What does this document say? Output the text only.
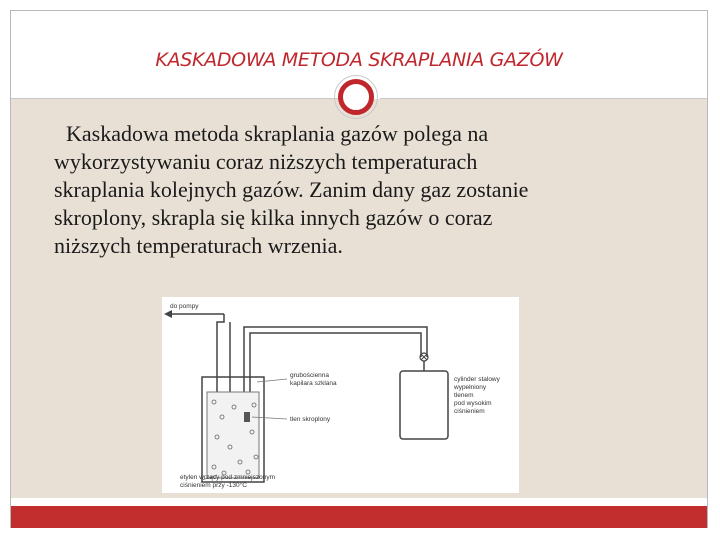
KASKADOWA METODA SKRAPLANIA GAZÓW
Kaskadowa metoda skraplania gazów polega na
wykorzystywaniu coraz niższych temperaturach
skraplania kolejnych gazów. Zanim dany gaz zostanie
skroplony, skrapla się kilka innych gazów o coraz
niższych temperaturach wrzenia.
do pompy
grubościenna
kapilara szklana
tlen skroplony
cylinder stalowy
wypełniony
tlenem
pod wysokim
ciśnieniem
etylen wrzący pod zmniejszonym
ciśnieniem przy -130°C
